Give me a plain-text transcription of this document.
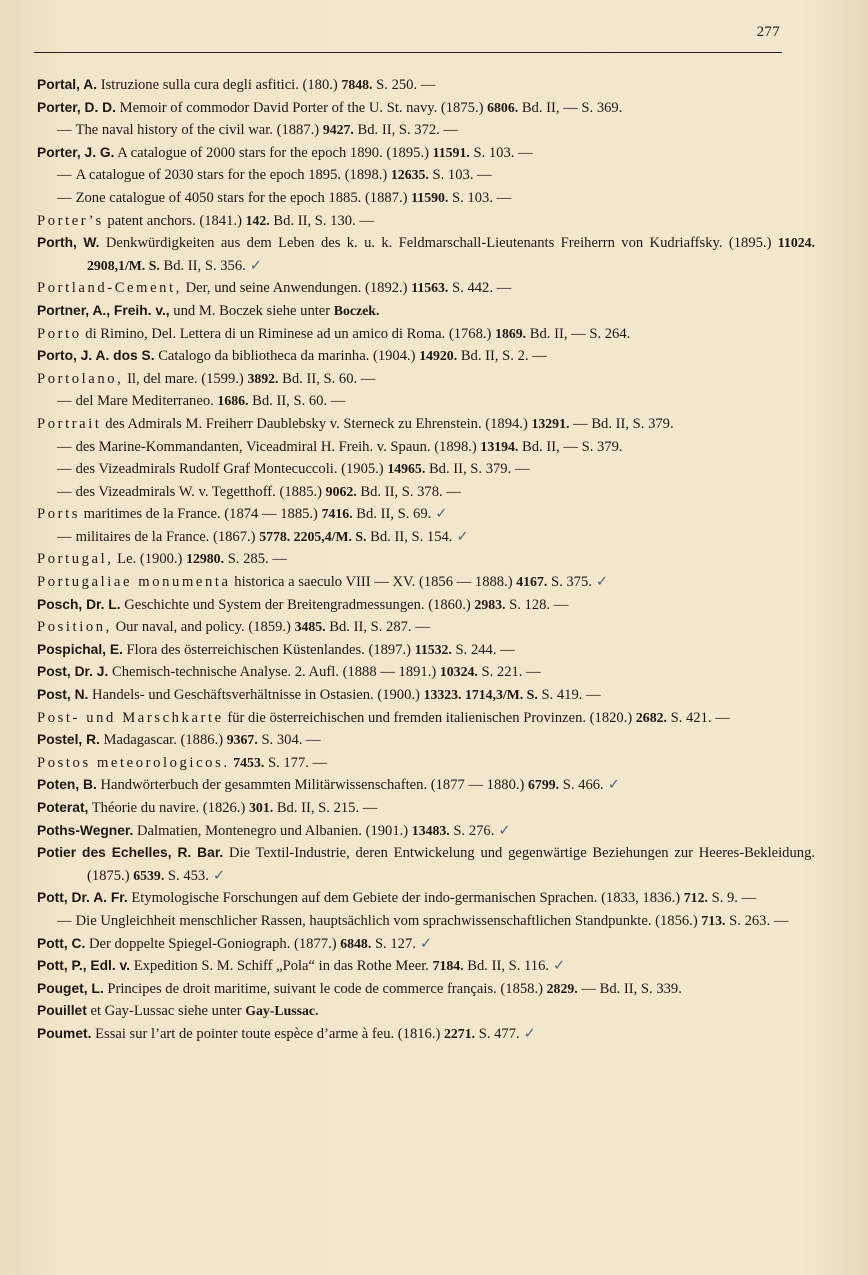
277
Portal, A. Istruzione sulla cura degli asfitici. (180.) 7848. S. 250. —
Porter, D. D. Memoir of commodor David Porter of the U. St. navy. (1875.) 6806. Bd. II, — S. 369.
— The naval history of the civil war. (1887.) 9427. Bd. II, S. 372. —
Porter, J. G. A catalogue of 2000 stars for the epoch 1890. (1895.) 11591. S. 103. —
— A catalogue of 2030 stars for the epoch 1895. (1898.) 12635. S. 103. —
— Zone catalogue of 4050 stars for the epoch 1885. (1887.) 11590. S. 103. —
Porter’s patent anchors. (1841.) 142. Bd. II, S. 130. —
Porth, W. Denkwürdigkeiten aus dem Leben des k. u. k. Feldmarschall-Lieutenants Freiherrn von Kudriaffsky. (1895.) 11024. 2908,1/M. S. Bd. II, S. 356. ✓
Portland-Cement, Der, und seine Anwendungen. (1892.) 11563. S. 442. —
Portner, A., Freih. v., und M. Boczek siehe unter Boczek.
Porto di Rimino, Del. Lettera di un Riminese ad un amico di Roma. (1768.) 1869. Bd. II, — S. 264.
Porto, J. A. dos S. Catalogo da bibliotheca da marinha. (1904.) 14920. Bd. II, S. 2. —
Portolano, Il, del mare. (1599.) 3892. Bd. II, S. 60. —
— del Mare Mediterraneo. 1686. Bd. II, S. 60. —
Portrait des Admirals M. Freiherr Daublebsky v. Sterneck zu Ehrenstein. (1894.) 13291. — Bd. II, S. 379.
— des Marine-Kommandanten, Viceadmiral H. Freih. v. Spaun. (1898.) 13194. Bd. II, — S. 379.
— des Vizeadmirals Rudolf Graf Montecuccoli. (1905.) 14965. Bd. II, S. 379. —
— des Vizeadmirals W. v. Tegetthoff. (1885.) 9062. Bd. II, S. 378. —
Ports maritimes de la France. (1874 — 1885.) 7416. Bd. II, S. 69. ✓
— militaires de la France. (1867.) 5778. 2205,4/M. S. Bd. II, S. 154. ✓
Portugal, Le. (1900.) 12980. S. 285. —
Portugaliae monumenta historica a saeculo VIII — XV. (1856 — 1888.) 4167. S. 375. ✓
Posch, Dr. L. Geschichte und System der Breitengradmessungen. (1860.) 2983. S. 128. —
Position, Our naval, and policy. (1859.) 3485. Bd. II, S. 287. —
Pospichal, E. Flora des österreichischen Küstenlandes. (1897.) 11532. S. 244. —
Post, Dr. J. Chemisch-technische Analyse. 2. Aufl. (1888 — 1891.) 10324. S. 221. —
Post, N. Handels- und Geschäftsverhältnisse in Ostasien. (1900.) 13323. 1714,3/M. S. S. 419. —
Post- und Marschkarte für die österreichischen und fremden italienischen Provinzen. (1820.) 2682. S. 421. —
Postel, R. Madagascar. (1886.) 9367. S. 304. —
Postos meteorologicos. 7453. S. 177. —
Poten, B. Handwörterbuch der gesammten Militärwissenschaften. (1877 — 1880.) 6799. S. 466. ✓
Poterat, Théorie du navire. (1826.) 301. Bd. II, S. 215. —
Poths-Wegner. Dalmatien, Montenegro und Albanien. (1901.) 13483. S. 276. ✓
Potier des Echelles, R. Bar. Die Textil-Industrie, deren Entwickelung und gegenwärtige Beziehungen zur Heeres-Bekleidung. (1875.) 6539. S. 453. ✓
Pott, Dr. A. Fr. Etymologische Forschungen auf dem Gebiete der indo-germanischen Sprachen. (1833, 1836.) 712. S. 9. —
— Die Ungleichheit menschlicher Rassen, hauptsächlich vom sprachwissenschaftlichen Standpunkte. (1856.) 713. S. 263. —
Pott, C. Der doppelte Spiegel-Goniograph. (1877.) 6848. S. 127. ✓
Pott, P., Edl. v. Expedition S. M. Schiff „Pola“ in das Rothe Meer. 7184. Bd. II, S. 116. ✓
Pouget, L. Principes de droit maritime, suivant le code de commerce français. (1858.) 2829. — Bd. II, S. 339.
Pouillet et Gay-Lussac siehe unter Gay-Lussac.
Poumet. Essai sur l’art de pointer toute espèce d’arme à feu. (1816.) 2271. S. 477. ✓
